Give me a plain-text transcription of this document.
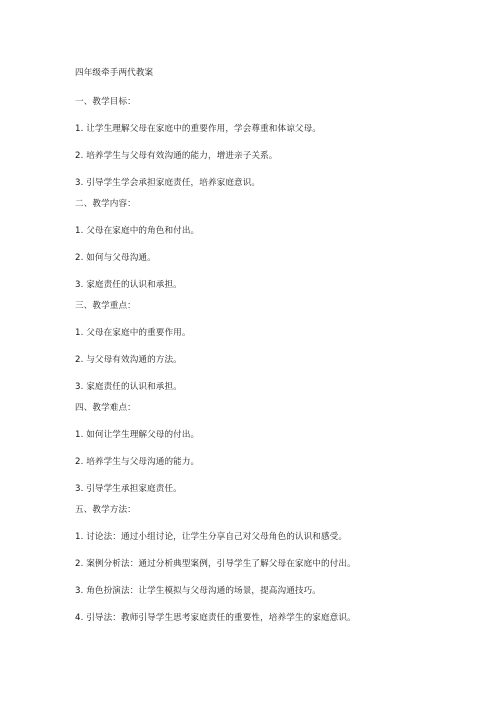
四年级牵手两代教案
一、教学目标：
1. 让学生理解父母在家庭中的重要作用，学会尊重和体谅父母。
2. 培养学生与父母有效沟通的能力，增进亲子关系。
3. 引导学生学会承担家庭责任，培养家庭意识。
二、教学内容：
1. 父母在家庭中的角色和付出。
2. 如何与父母沟通。
3. 家庭责任的认识和承担。
三、教学重点：
1. 父母在家庭中的重要作用。
2. 与父母有效沟通的方法。
3. 家庭责任的认识和承担。
四、教学难点：
1. 如何让学生理解父母的付出。
2. 培养学生与父母沟通的能力。
3. 引导学生承担家庭责任。
五、教学方法：
1. 讨论法：通过小组讨论，让学生分享自己对父母角色的认识和感受。
2. 案例分析法：通过分析典型案例，引导学生了解父母在家庭中的付出。
3. 角色扮演法：让学生模拟与父母沟通的场景，提高沟通技巧。
4. 引导法：教师引导学生思考家庭责任的重要性，培养学生的家庭意识。
